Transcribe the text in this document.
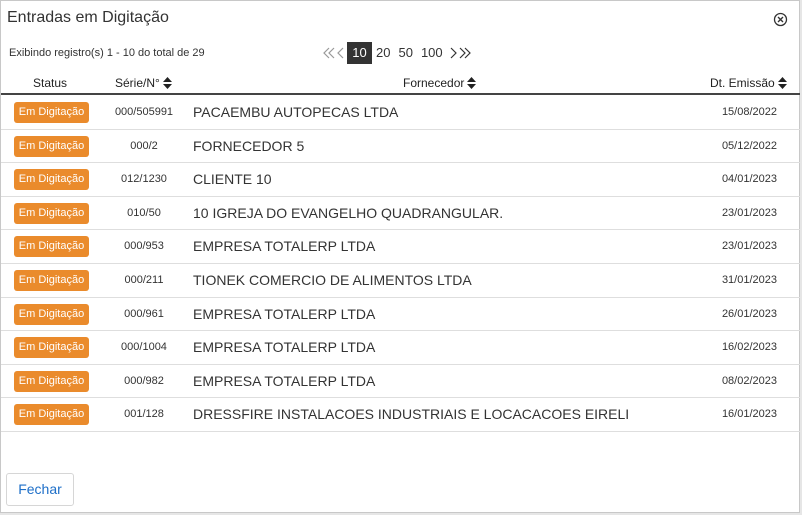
Entradas em Digitação
Exibindo registro(s) 1 - 10 do total de 29	10 20 50 100
Status	Série/N°	Fornecedor	Dt. Emissão
Em Digitação	000/505991	PACAEMBU AUTOPECAS LTDA	15/08/2022
Em Digitação	000/2	FORNECEDOR 5	05/12/2022
Em Digitação	012/1230	CLIENTE 10	04/01/2023
Em Digitação	010/50	10 IGREJA DO EVANGELHO QUADRANGULAR.	23/01/2023
Em Digitação	000/953	EMPRESA TOTALERP LTDA	23/01/2023
Em Digitação	000/211	TIONEK COMERCIO DE ALIMENTOS LTDA	31/01/2023
Em Digitação	000/961	EMPRESA TOTALERP LTDA	26/01/2023
Em Digitação	000/1004	EMPRESA TOTALERP LTDA	16/02/2023
Em Digitação	000/982	EMPRESA TOTALERP LTDA	08/02/2023
Em Digitação	001/128	DRESSFIRE INSTALACOES INDUSTRIAIS E LOCACACOES EIRELI	16/01/2023
Fechar
